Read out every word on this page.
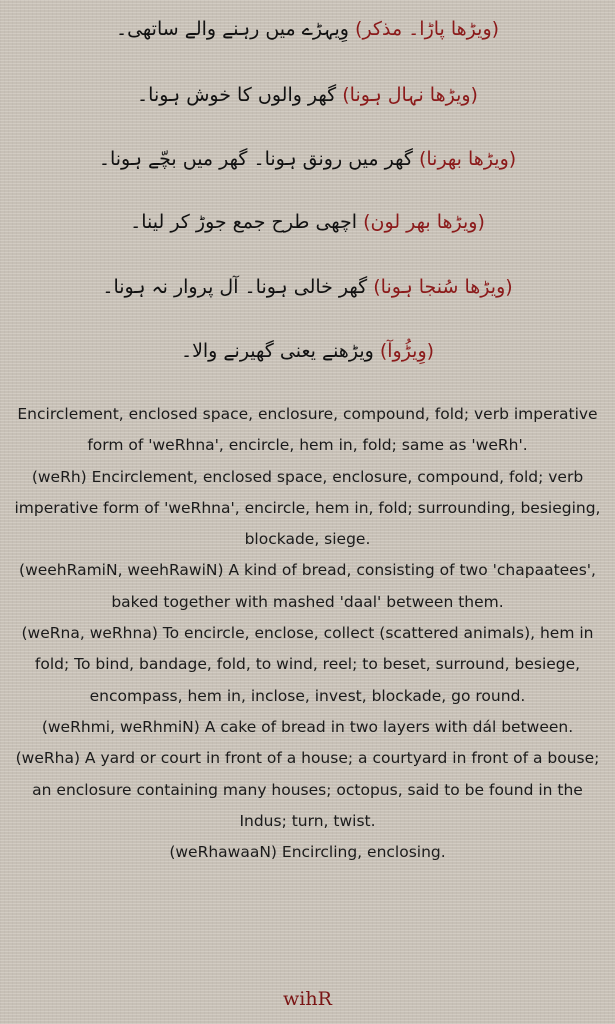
(ویڑھا پاڑا۔ مذکر) وِیہڑے میں رہنے والے ساتھی۔
(ویڑھا نہال ہونا) گھر والوں کا خوش ہونا۔
(ویڑھا بھرنا) گھر میں رونق ہونا۔ گھر میں بچّے ہونا۔
(ویڑھا بھر لون) اچھی طرح جمع جوڑ کر لینا۔
(ویڑھا سُنجا ہونا) گھر خالی ہونا۔ آل پروار نہ ہونا۔
(وِیڑُوآ) ویڑھنے یعنی گھیرنے والا۔
Encirclement, enclosed space, enclosure, compound, fold; verb imperative form of 'weRhna', encircle, hem in, fold; same as 'weRh'.
(weRh) Encirclement, enclosed space, enclosure, compound, fold; verb imperative form of 'weRhna', encircle, hem in, fold; surrounding, besieging, blockade, siege.
(weehRamiN, weehRawiN) A kind of bread, consisting of two 'chapaatees', baked together with mashed 'daal' between them.
(weRna, weRhna) To encircle, enclose, collect (scattered animals), hem in fold; To bind, bandage, fold, to wind, reel; to beset, surround, besiege, encompass, hem in, inclose, invest, blockade, go round.
(weRhmi, weRhmiN) A cake of bread in two layers with dál between.
(weRha) A yard or court in front of a house; a courtyard in front of a bouse; an enclosure containing many houses; octopus, said to be found in the Indus; turn, twist.
(weRhawaaN) Encircling, enclosing.
wihR
